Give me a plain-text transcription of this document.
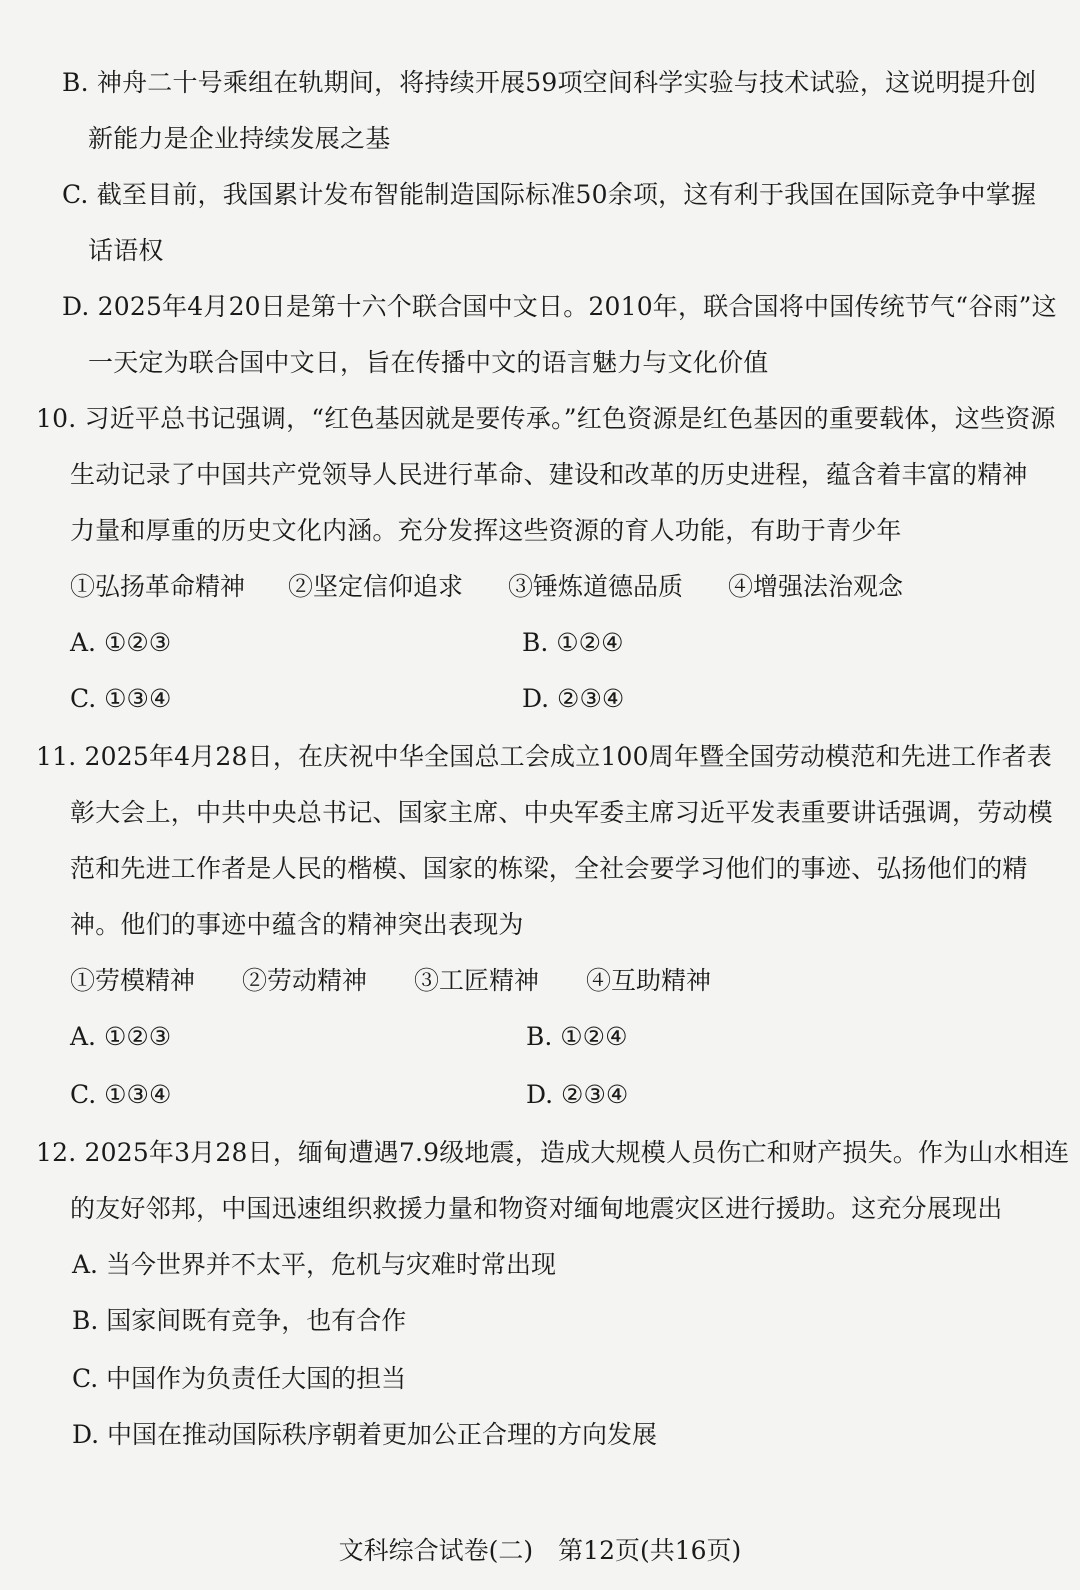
B. 神舟二十号乘组在轨期间，将持续开展59项空间科学实验与技术试验，这说明提升创
新能力是企业持续发展之基
C. 截至目前，我国累计发布智能制造国际标准50余项，这有利于我国在国际竞争中掌握
话语权
D. 2025年4月20日是第十六个联合国中文日。2010年，联合国将中国传统节气“谷雨”这
一天定为联合国中文日，旨在传播中文的语言魅力与文化价值
10. 习近平总书记强调，“红色基因就是要传承。”红色资源是红色基因的重要载体，这些资源
生动记录了中国共产党领导人民进行革命、建设和改革的历史进程，蕴含着丰富的精神
力量和厚重的历史文化内涵。充分发挥这些资源的育人功能，有助于青少年
①弘扬革命精神 ②坚定信仰追求 ③锤炼道德品质 ④增强法治观念
A. ①②③	B. ①②④
C. ①③④	D. ②③④
11. 2025年4月28日，在庆祝中华全国总工会成立100周年暨全国劳动模范和先进工作者表
彰大会上，中共中央总书记、国家主席、中央军委主席习近平发表重要讲话强调，劳动模
范和先进工作者是人民的楷模、国家的栋梁，全社会要学习他们的事迹、弘扬他们的精
神。他们的事迹中蕴含的精神突出表现为
①劳模精神 ②劳动精神 ③工匠精神 ④互助精神
A. ①②③	B. ①②④
C. ①③④	D. ②③④
12. 2025年3月28日，缅甸遭遇7.9级地震，造成大规模人员伤亡和财产损失。作为山水相连
的友好邻邦，中国迅速组织救援力量和物资对缅甸地震灾区进行援助。这充分展现出
A. 当今世界并不太平，危机与灾难时常出现
B. 国家间既有竞争，也有合作
C. 中国作为负责任大国的担当
D. 中国在推动国际秩序朝着更加公正合理的方向发展
文科综合试卷(二)　第12页(共16页)
